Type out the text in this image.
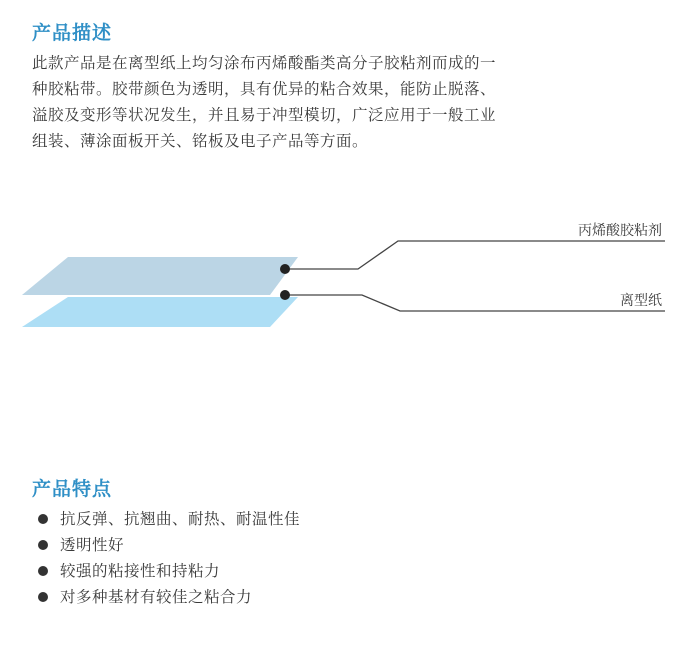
产品描述
此款产品是在离型纸上均匀涂布丙烯酸酯类高分子胶粘剂而成的一
种胶粘带。胶带颜色为透明，具有优异的粘合效果，能防止脱落、
溢胶及变形等状况发生，并且易于冲型模切，广泛应用于一般工业
组装、薄涂面板开关、铭板及电子产品等方面。
丙烯酸胶粘剂
离型纸
产品特点
抗反弹、抗翘曲、耐热、耐温性佳
透明性好
较强的粘接性和持粘力
对多种基材有较佳之粘合力
